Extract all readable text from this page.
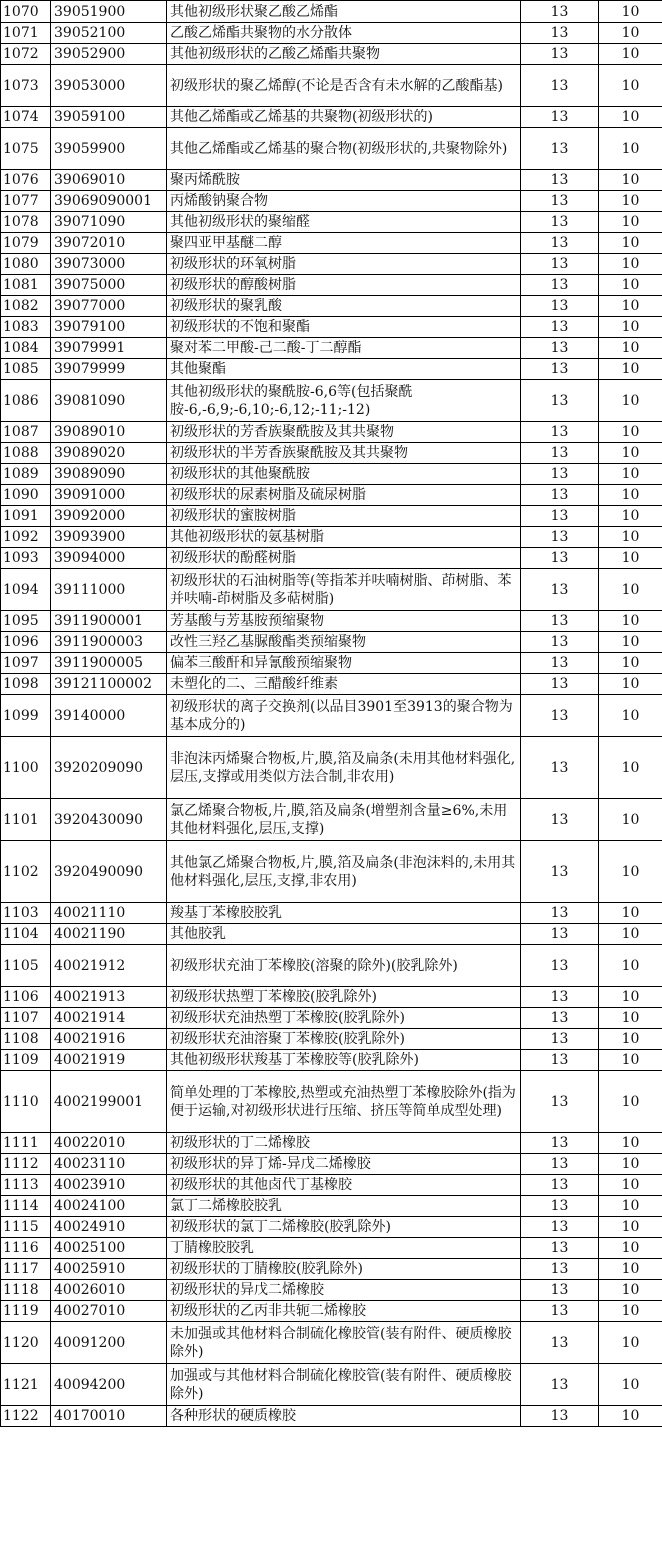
1070	39051900	其他初级形状聚乙酸乙烯酯	13	10
1071	39052100	乙酸乙烯酯共聚物的水分散体	13	10
1072	39052900	其他初级形状的乙酸乙烯酯共聚物	13	10
1073	39053000	初级形状的聚乙烯醇(不论是否含有未水解的乙酸酯基)	13	10
1074	39059100	其他乙烯酯或乙烯基的共聚物(初级形状的)	13	10
1075	39059900	其他乙烯酯或乙烯基的聚合物(初级形状的,共聚物除外)	13	10
1076	39069010	聚丙烯酰胺	13	10
1077	39069090001	丙烯酸钠聚合物	13	10
1078	39071090	其他初级形状的聚缩醛	13	10
1079	39072010	聚四亚甲基醚二醇	13	10
1080	39073000	初级形状的环氧树脂	13	10
1081	39075000	初级形状的醇酸树脂	13	10
1082	39077000	初级形状的聚乳酸	13	10
1083	39079100	初级形状的不饱和聚酯	13	10
1084	39079991	聚对苯二甲酸-己二酸-丁二醇酯	13	10
1085	39079999	其他聚酯	13	10
1086	39081090	其他初级形状的聚酰胺-6,6等(包括聚酰胺-6,-6,9;-6,10;-6,12;-11;-12)	13	10
1087	39089010	初级形状的芳香族聚酰胺及其共聚物	13	10
1088	39089020	初级形状的半芳香族聚酰胺及其共聚物	13	10
1089	39089090	初级形状的其他聚酰胺	13	10
1090	39091000	初级形状的尿素树脂及硫尿树脂	13	10
1091	39092000	初级形状的蜜胺树脂	13	10
1092	39093900	其他初级形状的氨基树脂	13	10
1093	39094000	初级形状的酚醛树脂	13	10
1094	39111000	初级形状的石油树脂等(等指苯并呋喃树脂、茚树脂、苯并呋喃-茚树脂及多萜树脂)	13	10
1095	3911900001	芳基酸与芳基胺预缩聚物	13	10
1096	3911900003	改性三羟乙基脲酸酯类预缩聚物	13	10
1097	3911900005	偏苯三酸酐和异氰酸预缩聚物	13	10
1098	39121100002	未塑化的二、三醋酸纤维素	13	10
1099	39140000	初级形状的离子交换剂(以品目3901至3913的聚合物为基本成分的)	13	10
1100	3920209090	非泡沫丙烯聚合物板,片,膜,箔及扁条(未用其他材料强化,层压,支撑或用类似方法合制,非农用)	13	10
1101	3920430090	氯乙烯聚合物板,片,膜,箔及扁条(增塑剂含量≥6%,未用其他材料强化,层压,支撑)	13	10
1102	3920490090	其他氯乙烯聚合物板,片,膜,箔及扁条(非泡沫料的,未用其他材料强化,层压,支撑,非农用)	13	10
1103	40021110	羧基丁苯橡胶胶乳	13	10
1104	40021190	其他胶乳	13	10
1105	40021912	初级形状充油丁苯橡胶(溶聚的除外)(胶乳除外)	13	10
1106	40021913	初级形状热塑丁苯橡胶(胶乳除外)	13	10
1107	40021914	初级形状充油热塑丁苯橡胶(胶乳除外)	13	10
1108	40021916	初级形状充油溶聚丁苯橡胶(胶乳除外)	13	10
1109	40021919	其他初级形状羧基丁苯橡胶等(胶乳除外)	13	10
1110	4002199001	简单处理的丁苯橡胶,热塑或充油热塑丁苯橡胶除外(指为便于运输,对初级形状进行压缩、挤压等简单成型处理)	13	10
1111	40022010	初级形状的丁二烯橡胶	13	10
1112	40023110	初级形状的异丁烯-异戊二烯橡胶	13	10
1113	40023910	初级形状的其他卤代丁基橡胶	13	10
1114	40024100	氯丁二烯橡胶胶乳	13	10
1115	40024910	初级形状的氯丁二烯橡胶(胶乳除外)	13	10
1116	40025100	丁腈橡胶胶乳	13	10
1117	40025910	初级形状的丁腈橡胶(胶乳除外)	13	10
1118	40026010	初级形状的异戊二烯橡胶	13	10
1119	40027010	初级形状的乙丙非共轭二烯橡胶	13	10
1120	40091200	未加强或其他材料合制硫化橡胶管(装有附件、硬质橡胶除外)	13	10
1121	40094200	加强或与其他材料合制硫化橡胶管(装有附件、硬质橡胶除外)	13	10
1122	40170010	各种形状的硬质橡胶	13	10
